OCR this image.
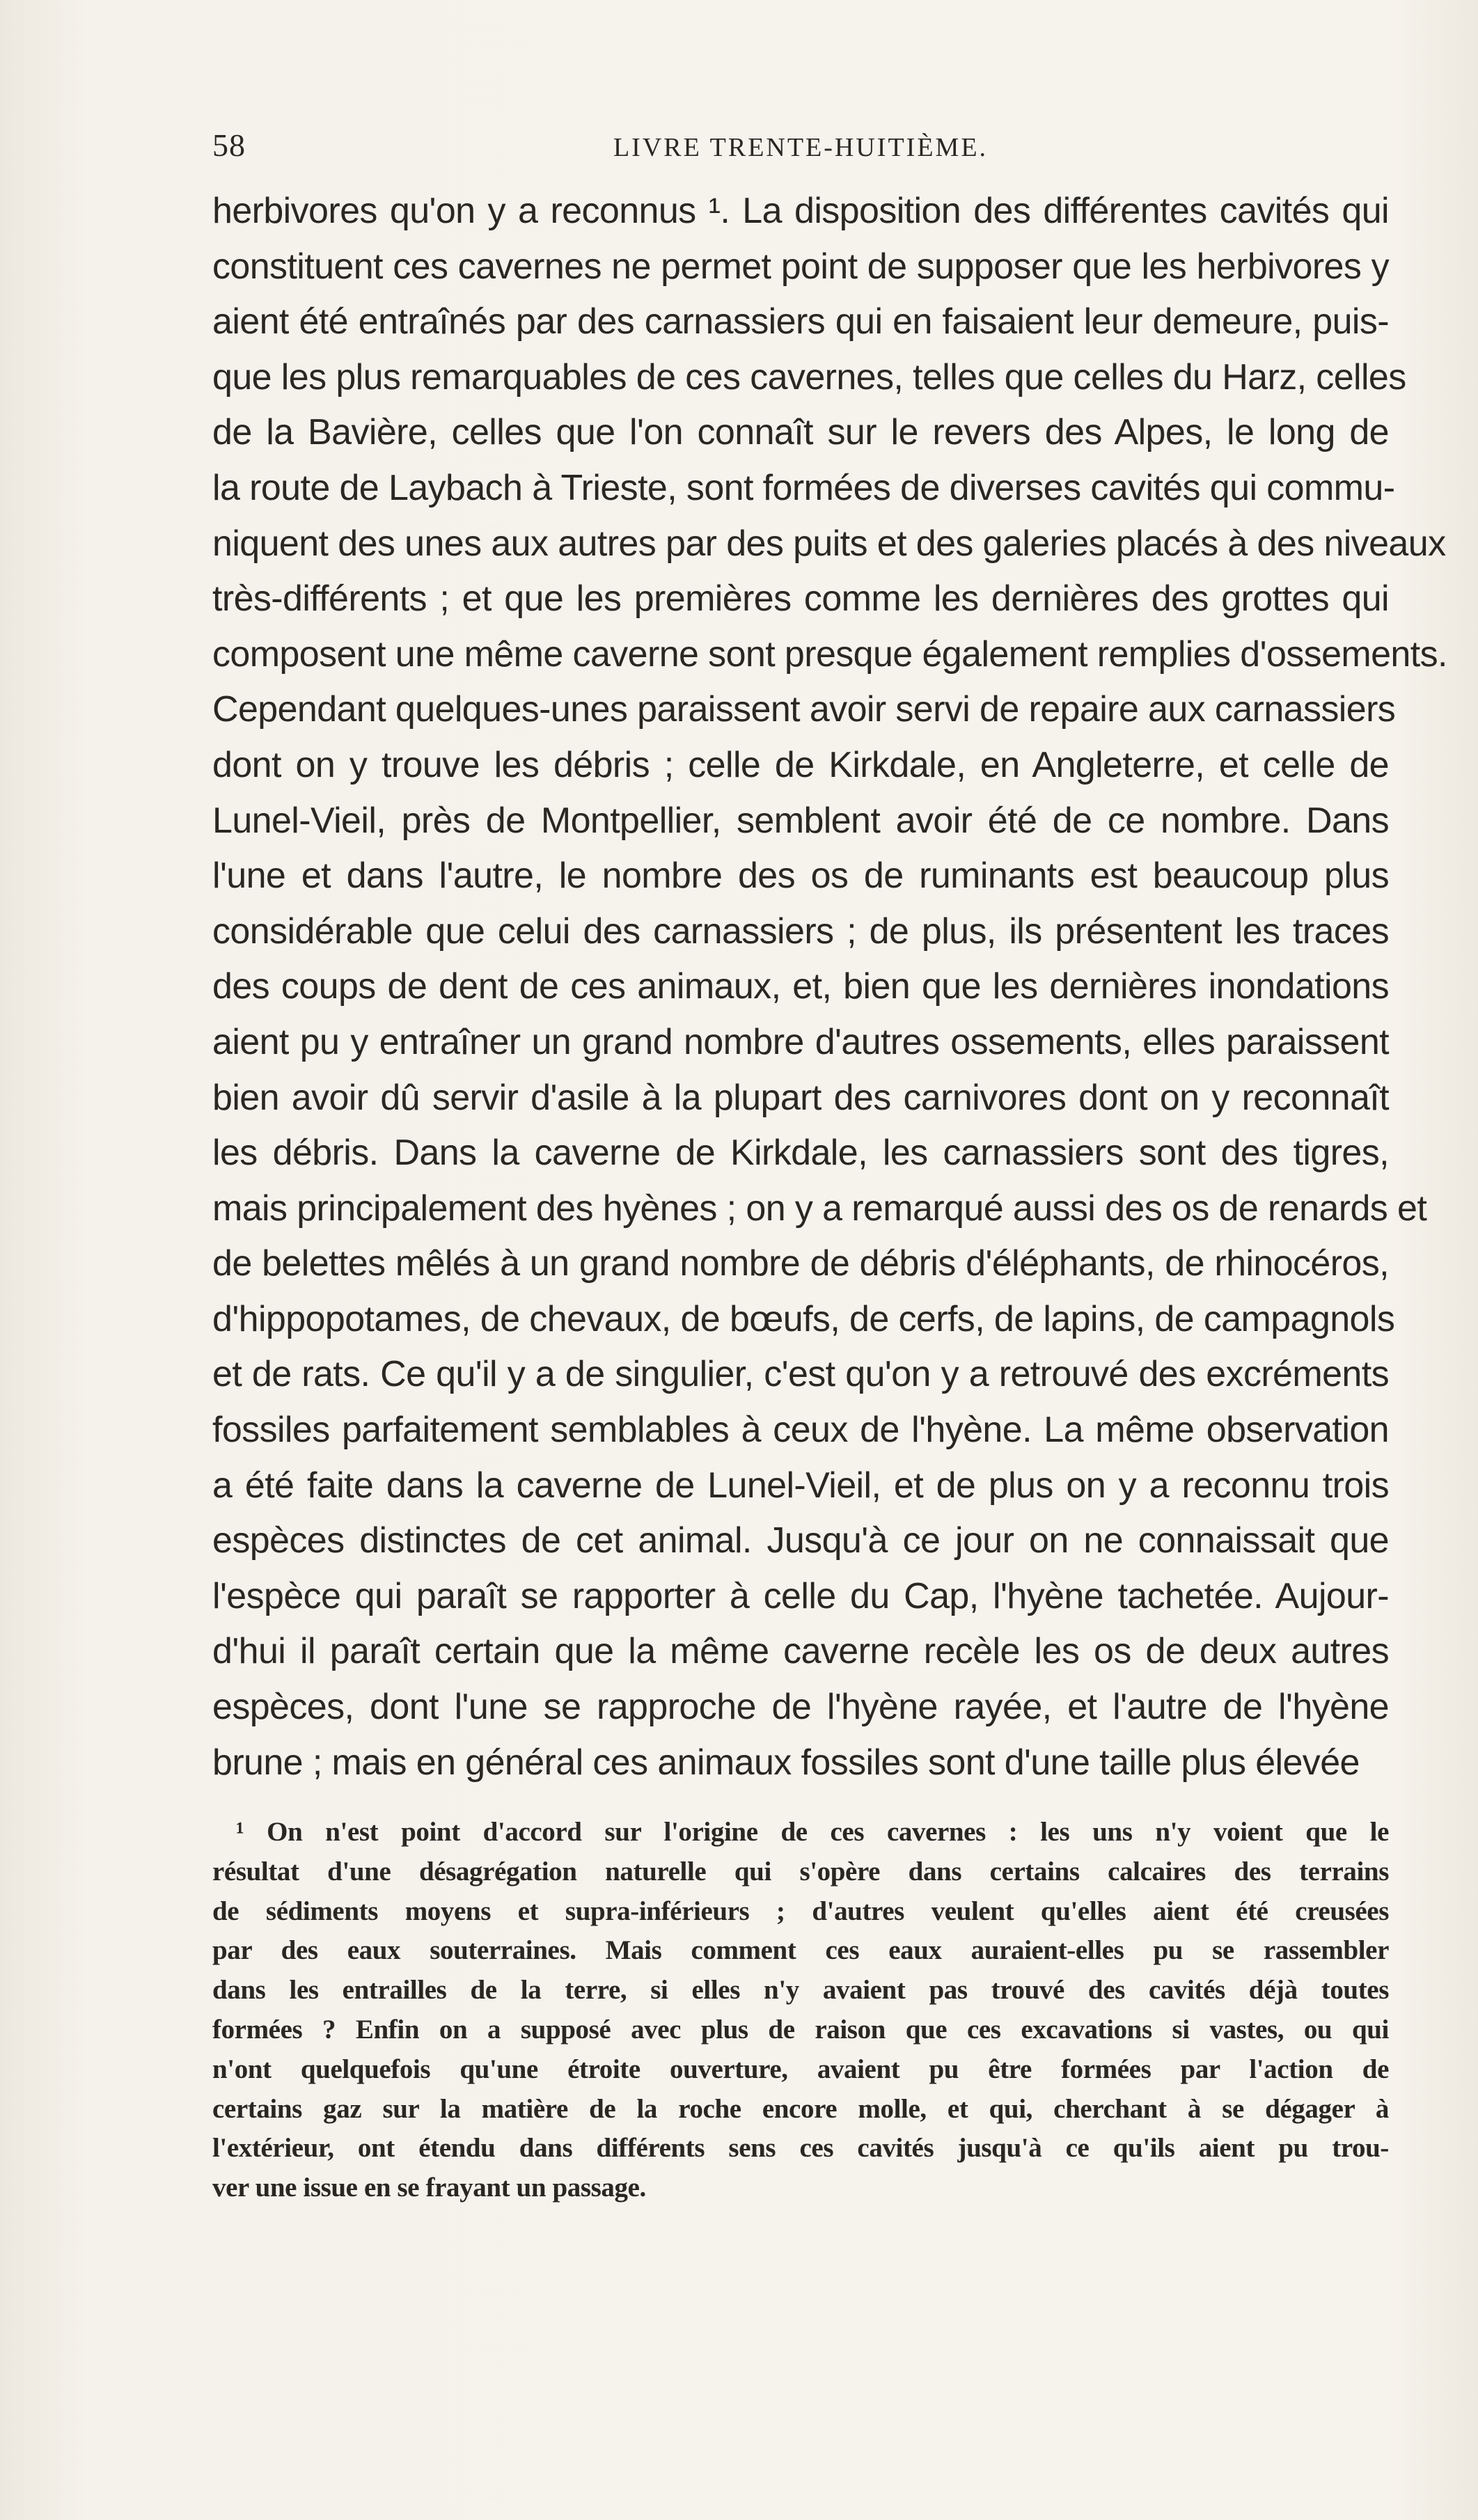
58	LIVRE TRENTE-HUITIÈME.
herbivores qu'on y a reconnus ¹. La disposition des différentes cavités qui
constituent ces cavernes ne permet point de supposer que les herbivores y
aient été entraînés par des carnassiers qui en faisaient leur demeure, puis-
que les plus remarquables de ces cavernes, telles que celles du Harz, celles
de la Bavière, celles que l'on connaît sur le revers des Alpes, le long de
la route de Laybach à Trieste, sont formées de diverses cavités qui commu-
niquent des unes aux autres par des puits et des galeries placés à des niveaux
très-différents ; et que les premières comme les dernières des grottes qui
composent une même caverne sont presque également remplies d'ossements.
Cependant quelques-unes paraissent avoir servi de repaire aux carnassiers
dont on y trouve les débris ; celle de Kirkdale, en Angleterre, et celle de
Lunel-Vieil, près de Montpellier, semblent avoir été de ce nombre. Dans
l'une et dans l'autre, le nombre des os de ruminants est beaucoup plus
considérable que celui des carnassiers ; de plus, ils présentent les traces
des coups de dent de ces animaux, et, bien que les dernières inondations
aient pu y entraîner un grand nombre d'autres ossements, elles paraissent
bien avoir dû servir d'asile à la plupart des carnivores dont on y reconnaît
les débris. Dans la caverne de Kirkdale, les carnassiers sont des tigres,
mais principalement des hyènes ; on y a remarqué aussi des os de renards et
de belettes mêlés à un grand nombre de débris d'éléphants, de rhinocéros,
d'hippopotames, de chevaux, de bœufs, de cerfs, de lapins, de campagnols
et de rats. Ce qu'il y a de singulier, c'est qu'on y a retrouvé des excréments
fossiles parfaitement semblables à ceux de l'hyène. La même observation
a été faite dans la caverne de Lunel-Vieil, et de plus on y a reconnu trois
espèces distinctes de cet animal. Jusqu'à ce jour on ne connaissait que
l'espèce qui paraît se rapporter à celle du Cap, l'hyène tachetée. Aujour-
d'hui il paraît certain que la même caverne recèle les os de deux autres
espèces, dont l'une se rapproche de l'hyène rayée, et l'autre de l'hyène
brune ; mais en général ces animaux fossiles sont d'une taille plus élevée
¹ On n'est point d'accord sur l'origine de ces cavernes : les uns n'y voient que le
résultat d'une désagrégation naturelle qui s'opère dans certains calcaires des terrains
de sédiments moyens et supra-inférieurs ; d'autres veulent qu'elles aient été creusées
par des eaux souterraines. Mais comment ces eaux auraient-elles pu se rassembler
dans les entrailles de la terre, si elles n'y avaient pas trouvé des cavités déjà toutes
formées ? Enfin on a supposé avec plus de raison que ces excavations si vastes, ou qui
n'ont quelquefois qu'une étroite ouverture, avaient pu être formées par l'action de
certains gaz sur la matière de la roche encore molle, et qui, cherchant à se dégager à
l'extérieur, ont étendu dans différents sens ces cavités jusqu'à ce qu'ils aient pu trou-
ver une issue en se frayant un passage.
